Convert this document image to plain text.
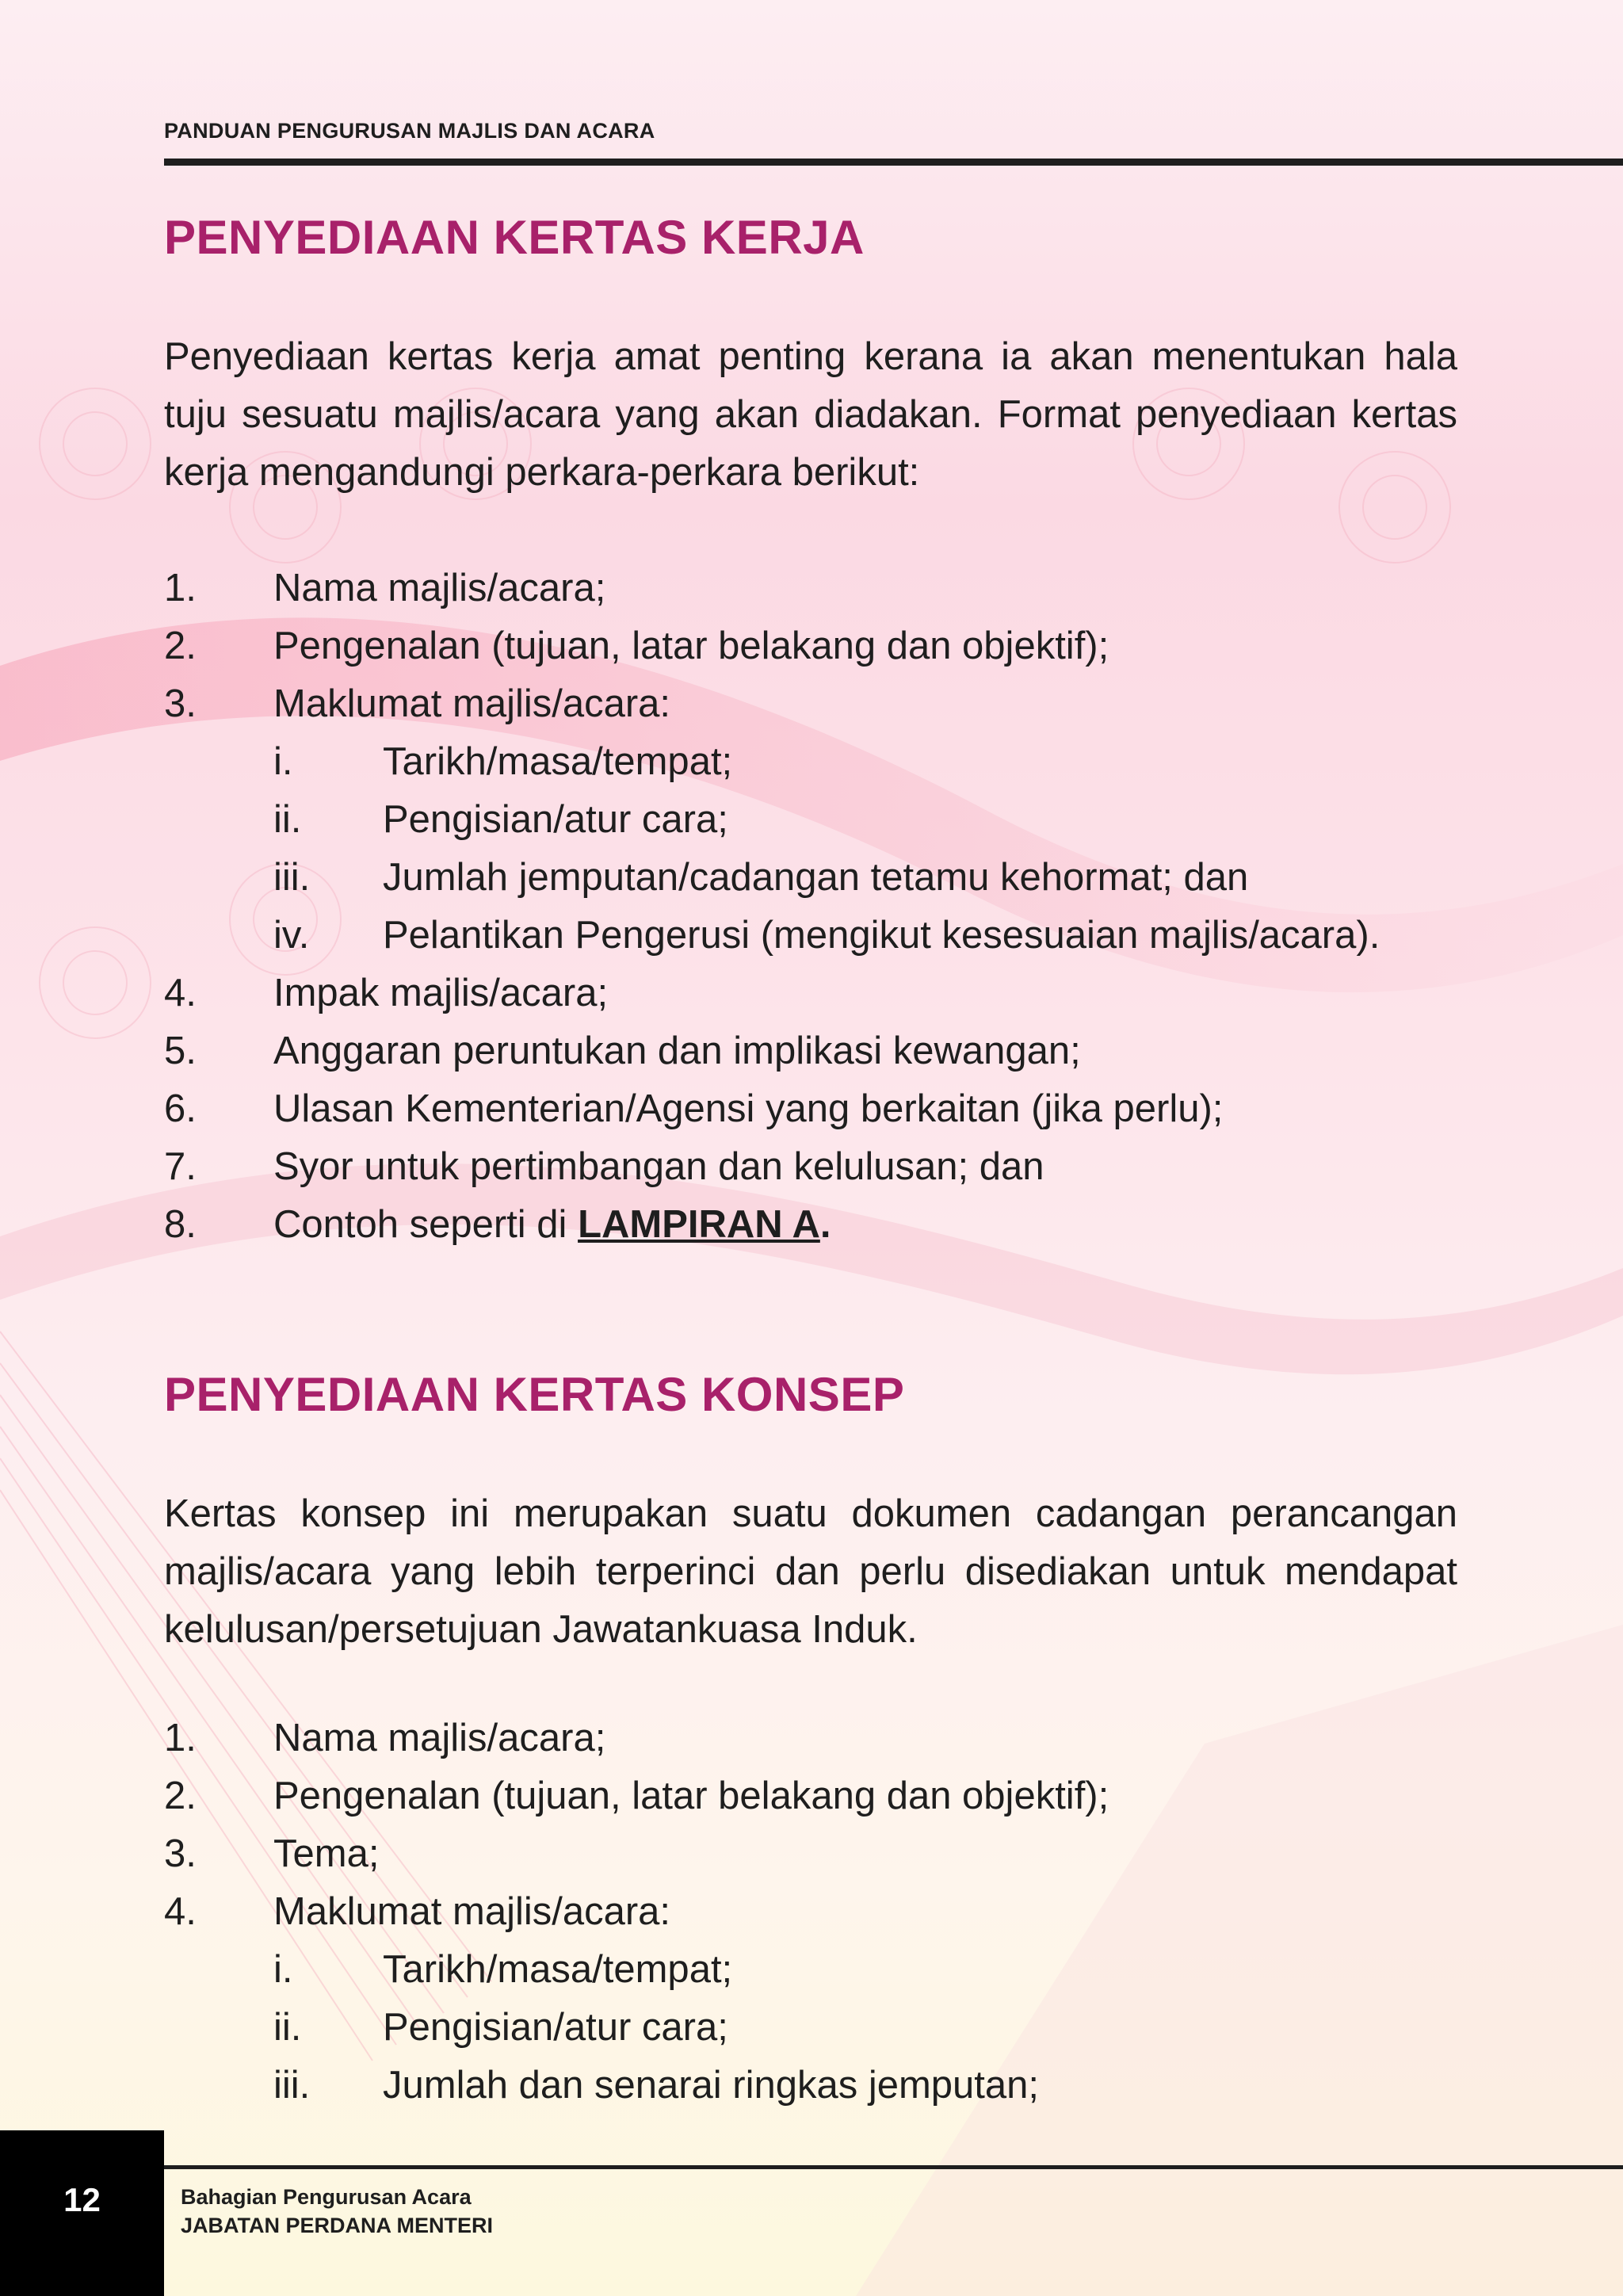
PANDUAN PENGURUSAN MAJLIS DAN ACARA
PENYEDIAAN KERTAS KERJA

Penyediaan kertas kerja amat penting kerana ia akan menentukan hala tuju sesuatu majlis/acara yang akan diadakan. Format penyediaan kertas kerja mengandungi perkara-perkara berikut:

1. Nama majlis/acara;
2. Pengenalan (tujuan, latar belakang dan objektif);
3. Maklumat majlis/acara:
i. Tarikh/masa/tempat;
ii. Pengisian/atur cara;
iii. Jumlah jemputan/cadangan tetamu kehormat; dan
iv. Pelantikan Pengerusi (mengikut kesesuaian majlis/acara).
4. Impak majlis/acara;
5. Anggaran peruntukan dan implikasi kewangan;
6. Ulasan Kementerian/Agensi yang berkaitan (jika perlu);
7. Syor untuk pertimbangan dan kelulusan; dan
8. Contoh seperti di LAMPIRAN A.
PENYEDIAAN KERTAS KONSEP

Kertas konsep ini merupakan suatu dokumen cadangan perancangan majlis/acara yang lebih terperinci dan perlu disediakan untuk mendapat kelulusan/persetujuan Jawatankuasa Induk.

1. Nama majlis/acara;
2. Pengenalan (tujuan, latar belakang dan objektif);
3. Tema;
4. Maklumat majlis/acara:
i. Tarikh/masa/tempat;
ii. Pengisian/atur cara;
iii. Jumlah dan senarai ringkas jemputan;
12	Bahagian Pengurusan Acara
JABATAN PERDANA MENTERI
